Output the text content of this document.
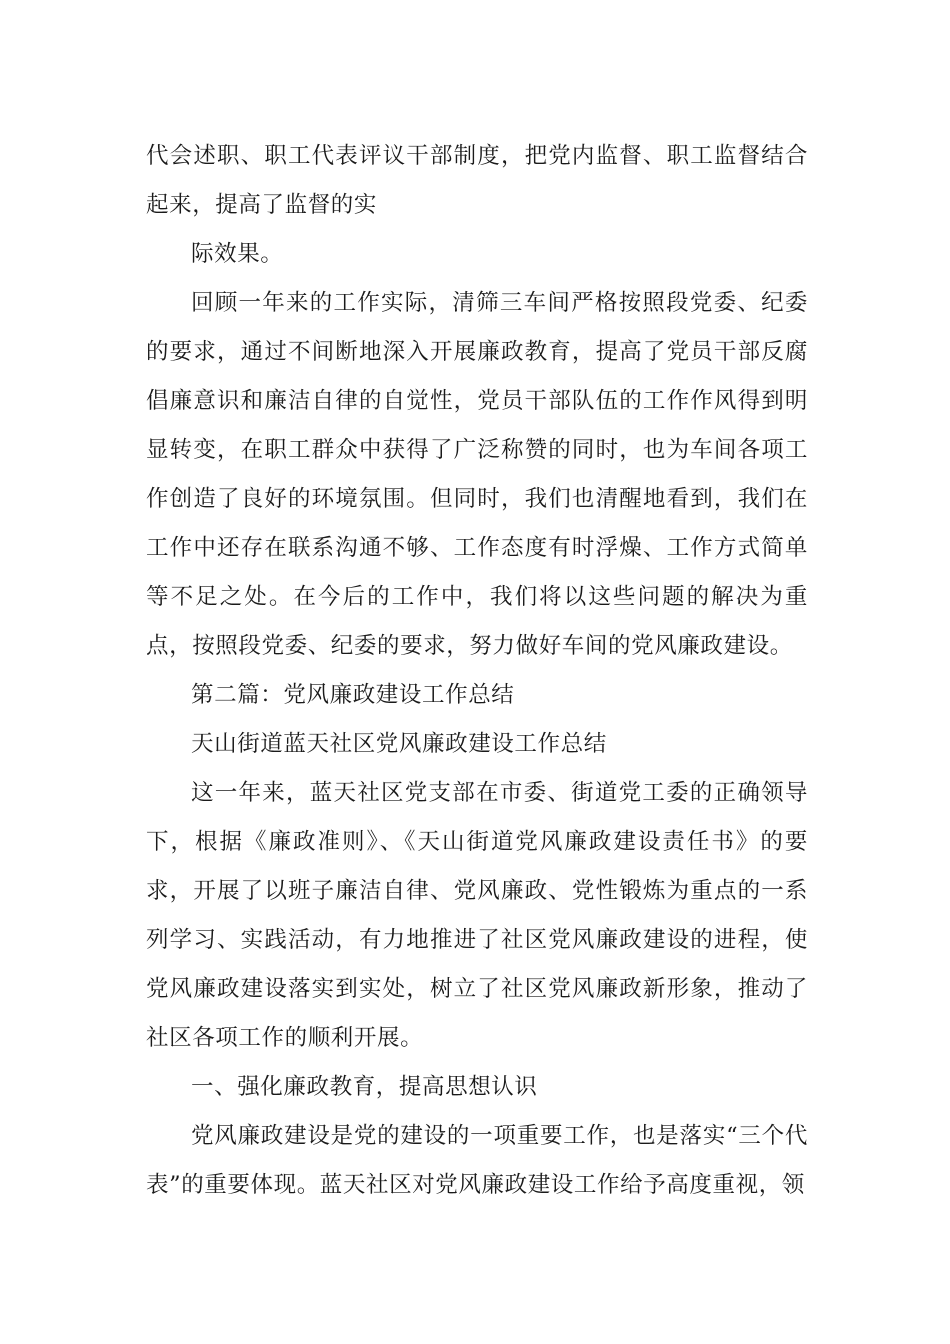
代会述职、职工代表评议干部制度，把党内监督、职工监督结合起来，提高了监督的实

际效果。

回顾一年来的工作实际，清筛三车间严格按照段党委、纪委的要求，通过不间断地深入开展廉政教育，提高了党员干部反腐倡廉意识和廉洁自律的自觉性，党员干部队伍的工作作风得到明显转变，在职工群众中获得了广泛称赞的同时，也为车间各项工作创造了良好的环境氛围。但同时，我们也清醒地看到，我们在工作中还存在联系沟通不够、工作态度有时浮燥、工作方式简单等不足之处。在今后的工作中，我们将以这些问题的解决为重点，按照段党委、纪委的要求，努力做好车间的党风廉政建设。

第二篇：党风廉政建设工作总结

天山街道蓝天社区党风廉政建设工作总结

这一年来，蓝天社区党支部在市委、街道党工委的正确领导下，根据《廉政准则》、《天山街道党风廉政建设责任书》的要求，开展了以班子廉洁自律、党风廉政、党性锻炼为重点的一系列学习、实践活动，有力地推进了社区党风廉政建设的进程，使党风廉政建设落实到实处，树立了社区党风廉政新形象，推动了社区各项工作的顺利开展。

一、强化廉政教育，提高思想认识

党风廉政建设是党的建设的一项重要工作，也是落实“三个代表”的重要体现。蓝天社区对党风廉政建设工作给予高度重视，领
